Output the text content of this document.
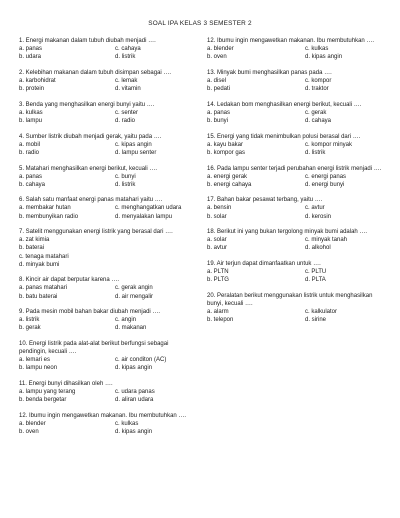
SOAL IPA KELAS 3 SEMESTER 2
1. Energi makanan dalam tubuh diubah menjadi ….
a. panas	c. cahaya
b. udara	d. listrik
2. Kelebihan makanan dalam tubuh disimpan sebagai ….
a. karbohidrat	c. lemak
b. protein	d. vitamin
3. Benda yang menghasilkan energi bunyi yaitu ….
a. kulkas	c. senter
b. lampu	d. radio
4. Sumber listrik diubah menjadi gerak, yaitu pada ….
a. mobil	c. kipas angin
b. radio	d. lampu senter
5. Matahari menghasilkan energi berikut, kecuali ….
a. panas	c. bunyi
b. cahaya	d. listrik
6. Salah satu manfaat energi panas matahari yaitu ….
a. membakar hutan	c. menghangatkan udara
b. membunyikan radio	d. menyalakan lampu
7. Satelit menggunakan energi listrik yang berasal dari ….
a. zat kimia
b. baterai
c. tenaga matahari
d. minyak bumi
8. Kincir air dapat berputar karena ….
a. panas matahari	c. gerak angin
b. batu baterai	d. air mengalir
9. Pada mesin mobil bahan bakar diubah menjadi ….
a. listrik	c. angin
b. gerak	d. makanan
10. Energi listrik pada alat-alat berikut berfungsi sebagai pendingin, kecuali ….
a. lemari es	c. air conditon (AC)
b. lampu neon	d. kipas angin
11. Energi bunyi dihasilkan oleh ….
a. lampu yang terang	c. udara panas
b. benda bergetar	d. aliran udara
12. Ibumu ingin mengawetkan makanan. Ibu membutuhkan ….
a. blender	c. kulkas
b. oven	d. kipas angin
12. Ibumu ingin mengawetkan makanan. Ibu membutuhkan ….
a. blender	c. kulkas
b. oven	d. kipas angin
13. Minyak bumi menghasilkan panas pada ….
a. disel	c. kompor
b. pedati	d. traktor
14. Ledakan bom menghasilkan energi berikut, kecuali ….
a. panas	c. gerak
b. bunyi	d. cahaya
15. Energi yang tidak menimbulkan polusi berasal dari ….
a. kayu bakar	c. kompor minyak
b. kompor gas	d. listrik
16. Pada lampu senter terjadi perubahan energi listrik menjadi ….
a. energi gerak	c. energi panas
b. energi cahaya	d. energi bunyi
17. Bahan bakar pesawat terbang, yaitu ….
a. bensin	c. avtur
b. solar	d. kerosin
18. Berikut ini yang bukan tergolong minyak bumi adalah ….
a. solar	c. minyak tanah
b. avtur	d. alkohol
19. Air terjun dapat dimanfaatkan untuk ….
a. PLTN	c. PLTU
b. PLTG	d. PLTA
20. Peralatan berikut menggunakan listrik untuk menghasilkan bunyi, kecuali ….
a. alarm	c. kalkulator
b. telepon	d. sirine
